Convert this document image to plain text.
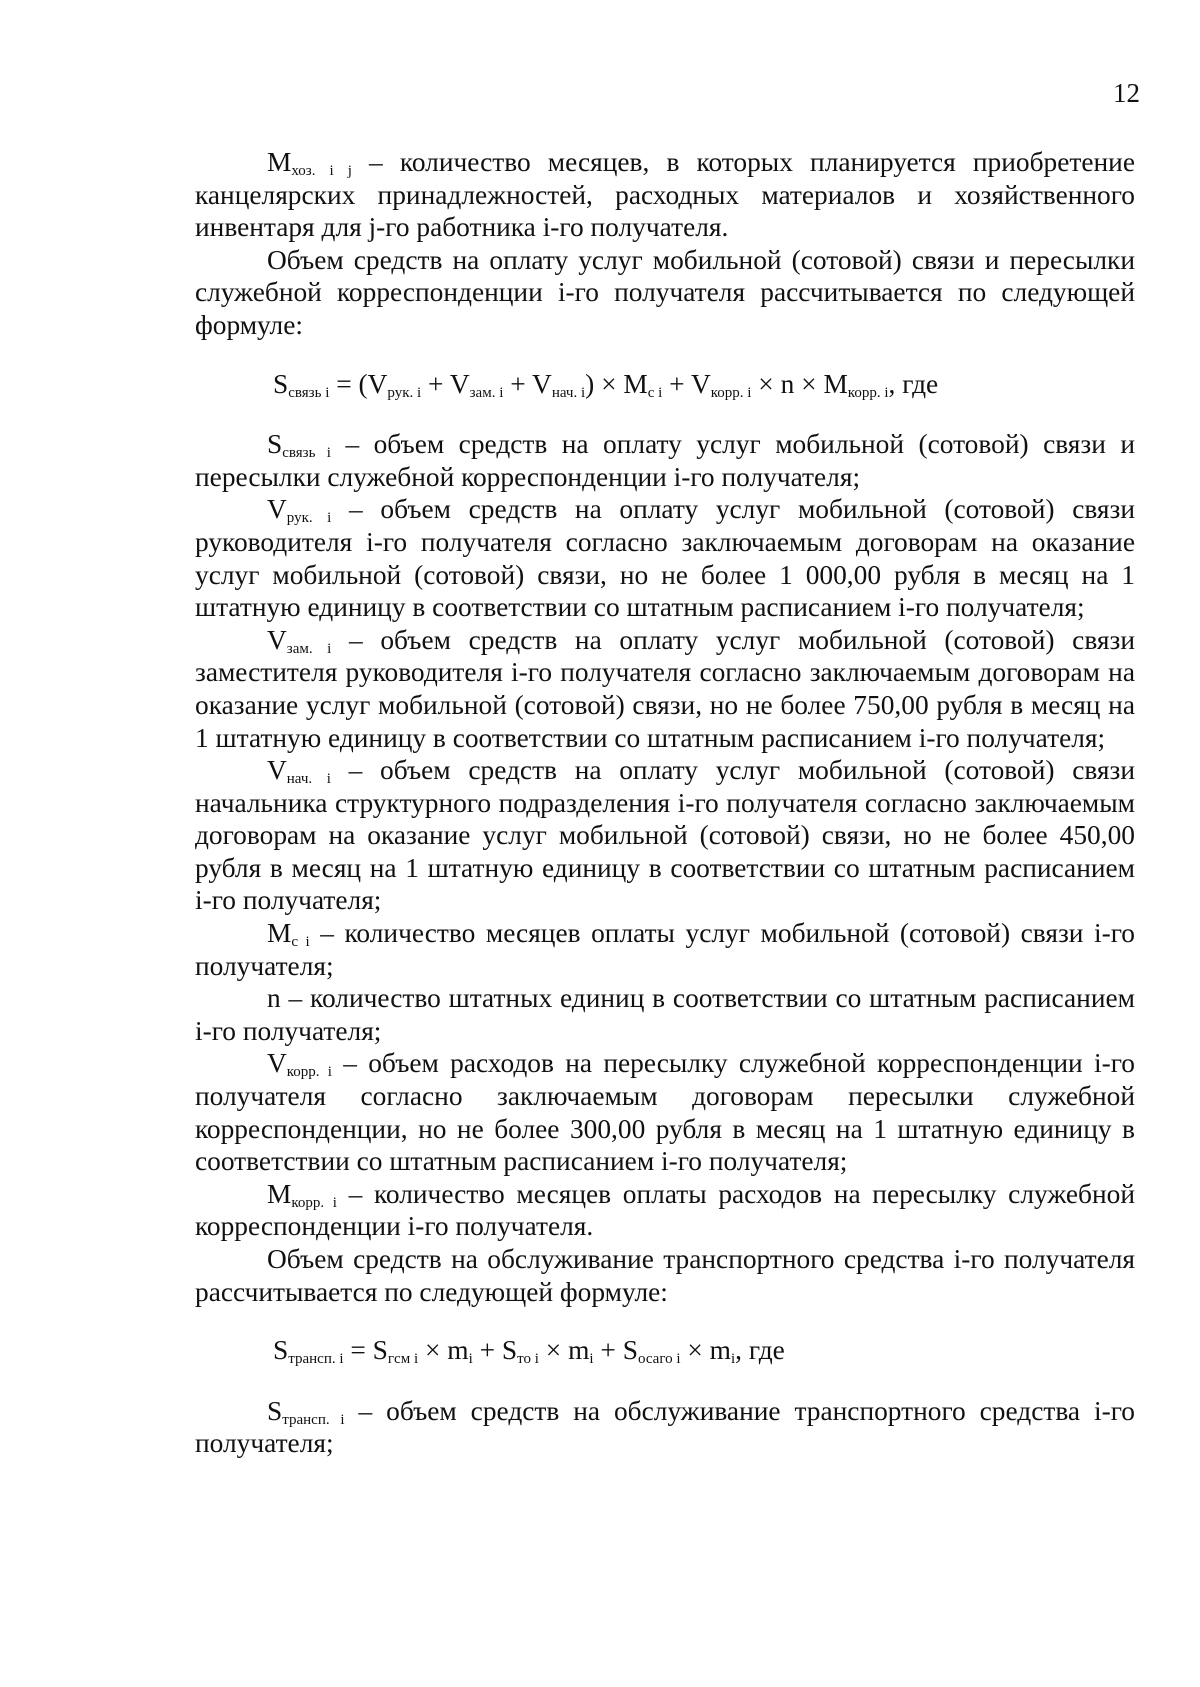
12

$M_{хоз. i j}$ – количество месяцев, в которых планируется приобретение канцелярских принадлежностей, расходных материалов и хозяйственного инвентаря для j-го работника i-го получателя.

Объем средств на оплату услуг мобильной (сотовой) связи и пересылки служебной корреспонденции i-го получателя рассчитывается по следующей формуле:

$S_{связь i} = (V_{рук. i} + V_{зам. i} + V_{нач. i}) \times M_{c i} + V_{корр. i} \times n \times M_{корр. i}$, где

$S_{связь i}$ – объем средств на оплату услуг мобильной (сотовой) связи и пересылки служебной корреспонденции i-го получателя;

$V_{рук. i}$ – объем средств на оплату услуг мобильной (сотовой) связи руководителя i-го получателя согласно заключаемым договорам на оказание услуг мобильной (сотовой) связи, но не более 1 000,00 рубля в месяц на 1 штатную единицу в соответствии со штатным расписанием i-го получателя;

$V_{зам. i}$ – объем средств на оплату услуг мобильной (сотовой) связи заместителя руководителя i-го получателя согласно заключаемым договорам на оказание услуг мобильной (сотовой) связи, но не более 750,00 рубля в месяц на 1 штатную единицу в соответствии со штатным расписанием i-го получателя;

$V_{нач. i}$ – объем средств на оплату услуг мобильной (сотовой) связи начальника структурного подразделения i-го получателя согласно заключаемым договорам на оказание услуг мобильной (сотовой) связи, но не более 450,00 рубля в месяц на 1 штатную единицу в соответствии со штатным расписанием i-го получателя;

$M_{c i}$ – количество месяцев оплаты услуг мобильной (сотовой) связи i-го получателя;

n – количество штатных единиц в соответствии со штатным расписанием i-го получателя;

$V_{корр. i}$ – объем расходов на пересылку служебной корреспонденции i-го получателя согласно заключаемым договорам пересылки служебной корреспонденции, но не более 300,00 рубля в месяц на 1 штатную единицу в соответствии со штатным расписанием i-го получателя;

$M_{корр. i}$ – количество месяцев оплаты расходов на пересылку служебной корреспонденции i-го получателя.

Объем средств на обслуживание транспортного средства i-го получателя рассчитывается по следующей формуле:

$S_{трансп. i} = S_{гсм i} \times m_i + S_{то i} \times m_i + S_{осаго i} \times m_i$, где

$S_{трансп. i}$ – объем средств на обслуживание транспортного средства i-го получателя;
